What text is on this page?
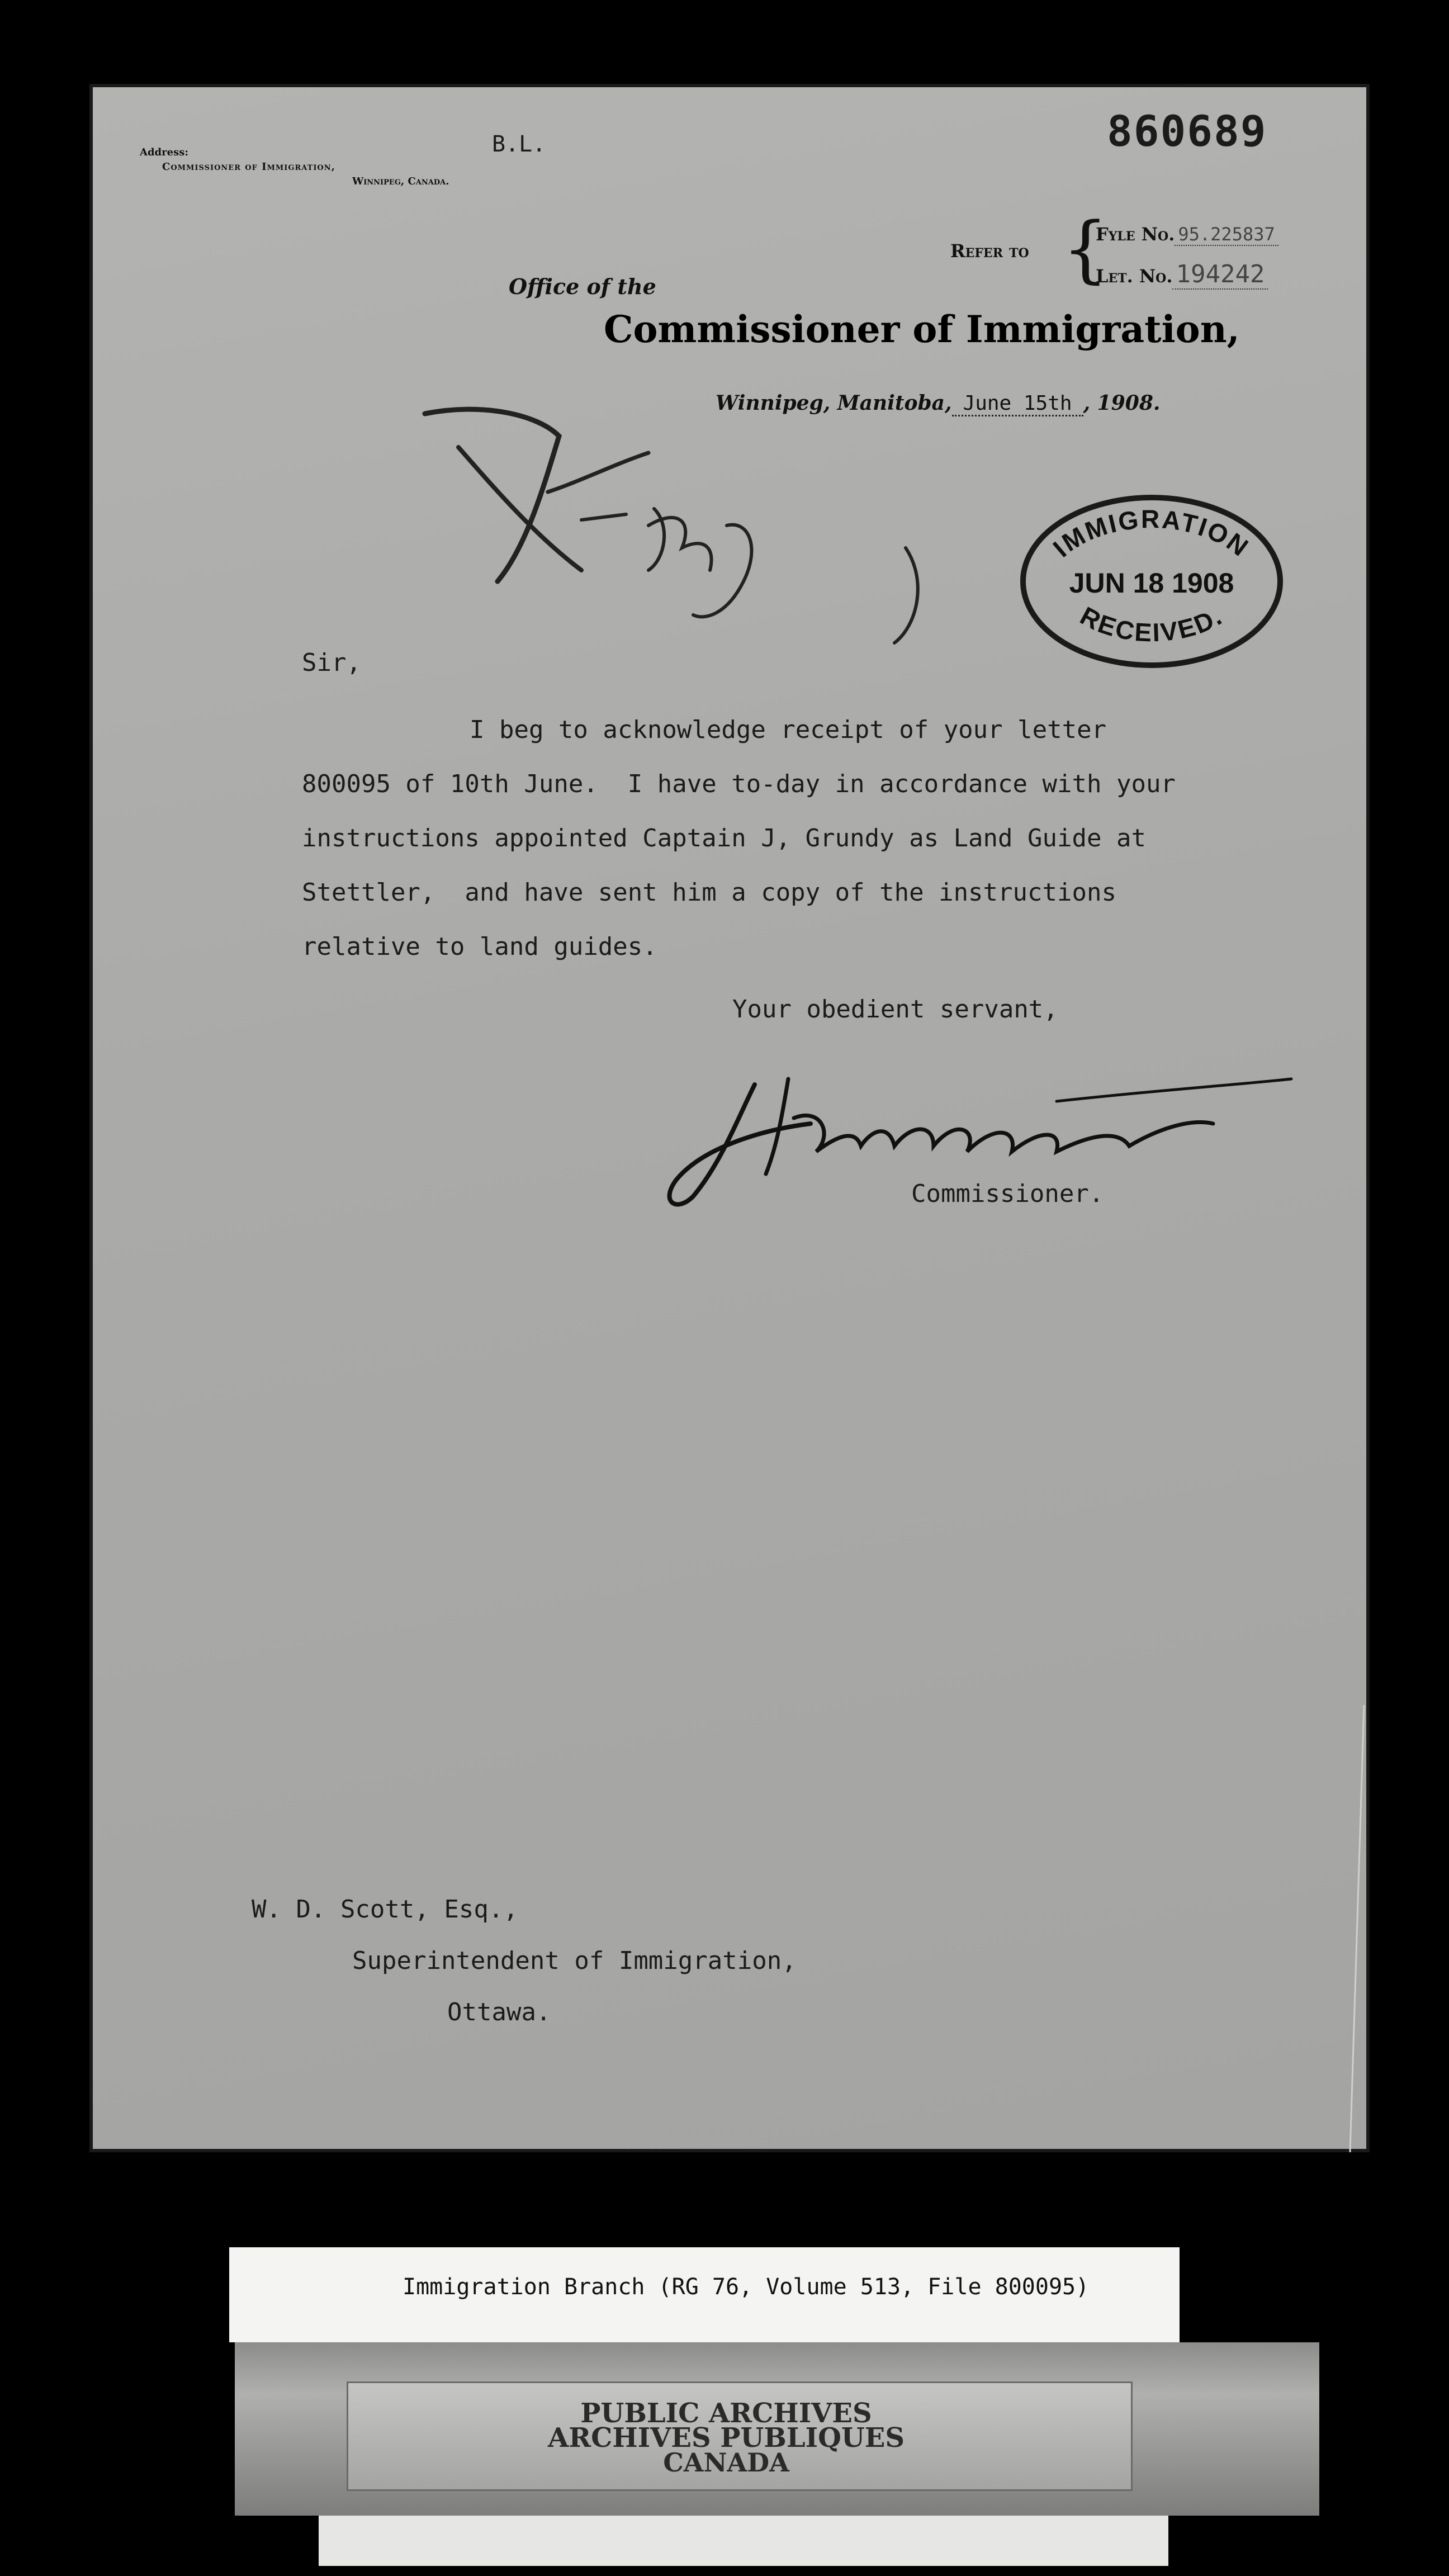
Address:
Commissioner of Immigration,
Winnipeg, Canada.
B.L.	860689
Refer to {
Fyle No. 95.225837
Let. No. 194242
Office of the
Commissioner of Immigration,
Winnipeg, Manitoba, June 15th , 1908.
IMMIGRATION
JUN 18 1908
RECEIVED.
Sir,

I beg to acknowledge receipt of your letter

800095 of 10th June.  I have to-day in accordance with your

instructions appointed Captain J, Grundy as Land Guide at

Stettler,  and have sent him a copy of the instructions

relative to land guides.

Your obedient servant,
Commissioner.
W. D. Scott, Esq.,
Superintendent of Immigration,
Ottawa.
Immigration Branch (RG 76, Volume 513, File 800095)
PUBLIC ARCHIVES
ARCHIVES PUBLIQUES
CANADA
